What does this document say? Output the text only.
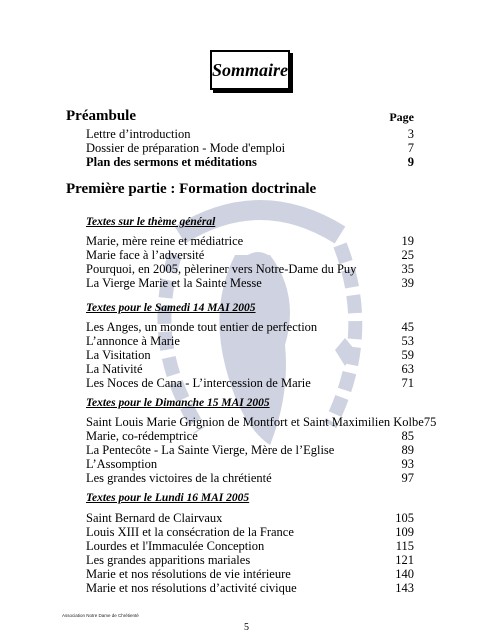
Sommaire
Préambule	Page
Lettre d’introduction	3
Dossier de préparation - Mode d'emploi	7
Plan des sermons et méditations	9
Première partie : Formation doctrinale
Textes sur le thème général
Marie, mère reine et médiatrice	19
Marie face à l’adversité	25
Pourquoi, en 2005, pèleriner vers Notre-Dame du Puy	35
La Vierge Marie et la Sainte Messe	39
Textes pour le Samedi 14 MAI 2005
Les Anges, un monde tout entier de perfection	45
L’annonce à Marie	53
La Visitation	59
La Nativité	63
Les Noces de Cana - L’intercession de Marie	71
Textes pour le Dimanche 15 MAI 2005
Saint Louis Marie Grignion de Montfort et Saint Maximilien Kolbe 75
Marie, co-rédemptrice	85
La Pentecôte - La Sainte Vierge, Mère de l’Eglise	89
L’Assomption	93
Les grandes victoires de la chrétienté	97
Textes pour le Lundi 16 MAI 2005
Saint Bernard de Clairvaux	105
Louis XIII et la consécration de la France	109
Lourdes et l'Immaculée Conception	115
Les grandes apparitions mariales	121
Marie et nos résolutions de vie intérieure	140
Marie et nos résolutions d’activité civique	143
Association Notre Dame de Chrétienté
5
